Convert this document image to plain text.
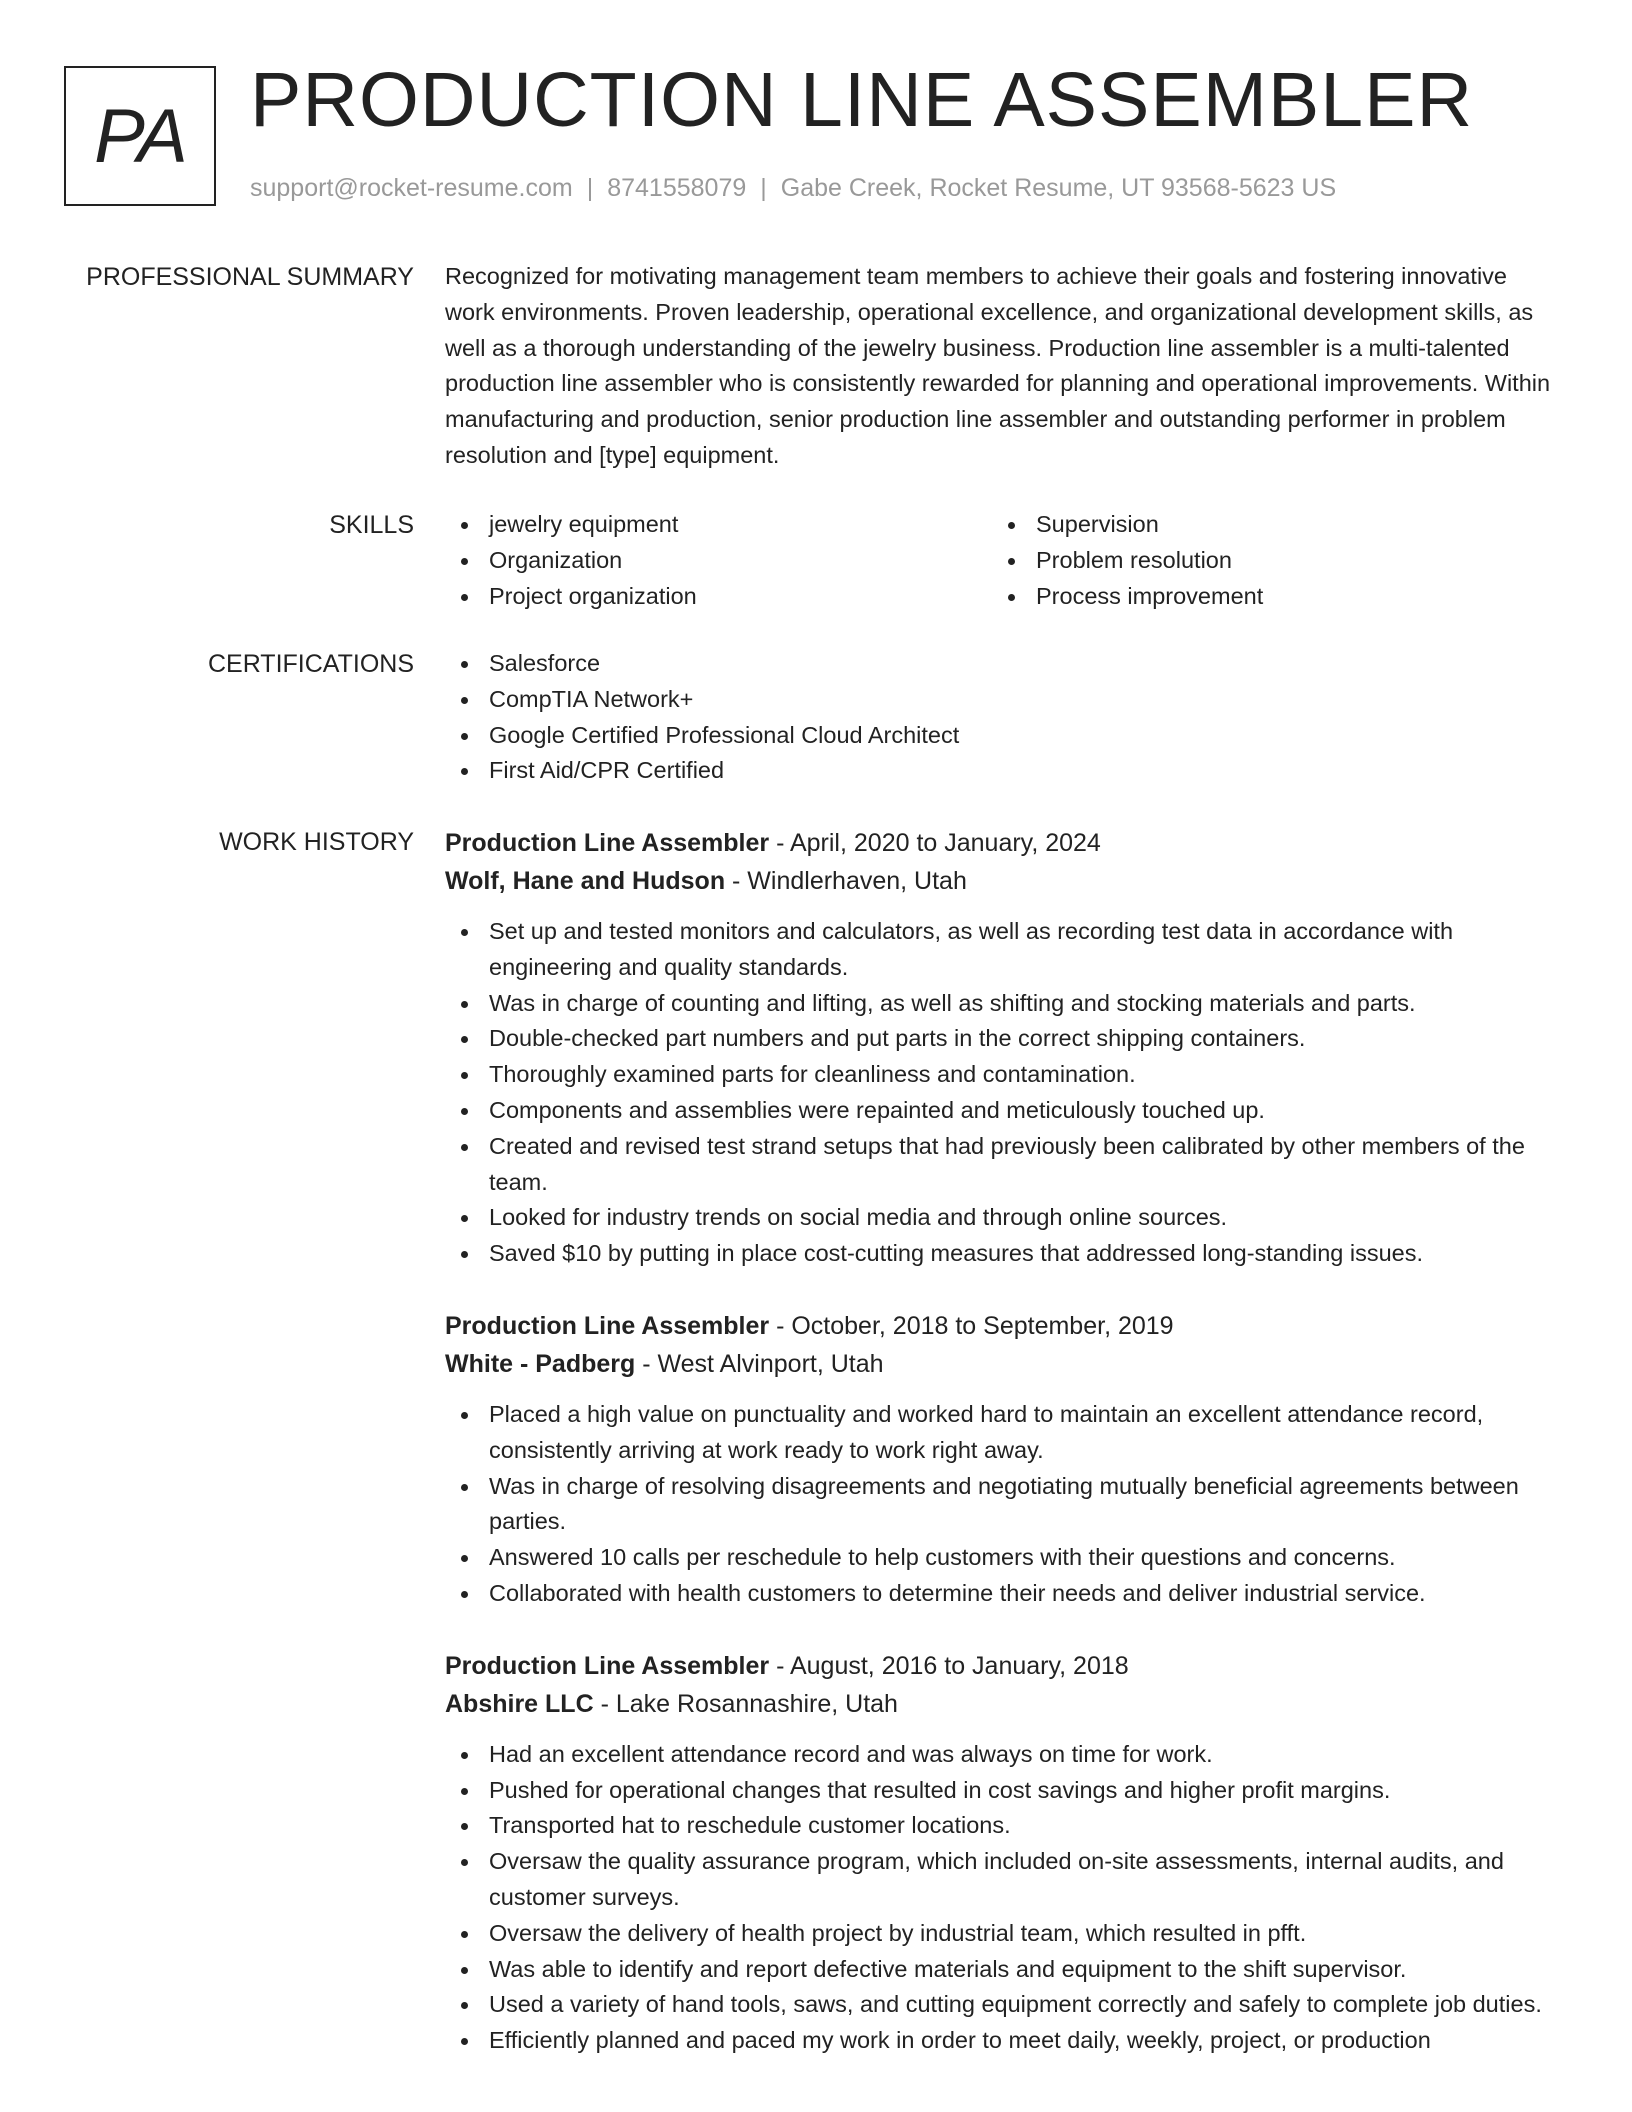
PA PRODUCTION LINE ASSEMBLER
support@rocket-resume.com | 8741558079 | Gabe Creek, Rocket Resume, UT 93568-5623 US
PROFESSIONAL SUMMARY Recognized for motivating management team members to achieve their goals and fostering innovative work environments. Proven leadership, operational excellence, and organizational development skills, as well as a thorough understanding of the jewelry business. Production line assembler is a multi-talented production line assembler who is consistently rewarded for planning and operational improvements. Within manufacturing and production, senior production line assembler and outstanding performer in problem resolution and [type] equipment.

SKILLS	jewelry equipment
Organization
Project organization
Supervision
Problem resolution
Process improvement
CERTIFICATIONS	Salesforce
CompTIA Network+
Google Certified Professional Cloud Architect
First Aid/CPR Certified
WORK HISTORY Production Line Assembler - April, 2020 to January, 2024
Wolf, Hane and Hudson - Windlerhaven, Utah
Set up and tested monitors and calculators, as well as recording test data in accordance with engineering and quality standards.
Was in charge of counting and lifting, as well as shifting and stocking materials and parts.
Double-checked part numbers and put parts in the correct shipping containers.
Thoroughly examined parts for cleanliness and contamination.
Components and assemblies were repainted and meticulously touched up.
Created and revised test strand setups that had previously been calibrated by other members of the team.
Looked for industry trends on social media and through online sources.
Saved $10 by putting in place cost-cutting measures that addressed long-standing issues.
Production Line Assembler - October, 2018 to September, 2019
White - Padberg - West Alvinport, Utah
Placed a high value on punctuality and worked hard to maintain an excellent attendance record, consistently arriving at work ready to work right away.
Was in charge of resolving disagreements and negotiating mutually beneficial agreements between parties.
Answered 10 calls per reschedule to help customers with their questions and concerns.
Collaborated with health customers to determine their needs and deliver industrial service.
Production Line Assembler - August, 2016 to January, 2018
Abshire LLC - Lake Rosannashire, Utah
Had an excellent attendance record and was always on time for work.
Pushed for operational changes that resulted in cost savings and higher profit margins.
Transported hat to reschedule customer locations.
Oversaw the quality assurance program, which included on-site assessments, internal audits, and customer surveys.
Oversaw the delivery of health project by industrial team, which resulted in pfft.
Was able to identify and report defective materials and equipment to the shift supervisor.
Used a variety of hand tools, saws, and cutting equipment correctly and safely to complete job duties.
Efficiently planned and paced my work in order to meet daily, weekly, project, or production
